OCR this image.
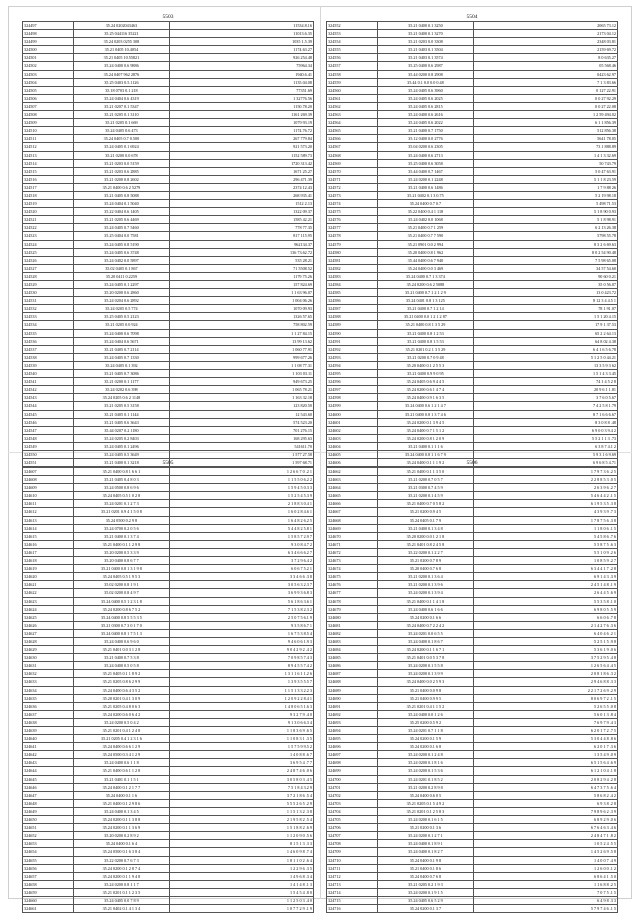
5503
324497	35.24 0202043463	11534.8.16
324498	35.25 044116 35221	11013.6.35
324499	35.24 0203 0255 308	1035 1.5.39
324500	35.21 0405 10.4054	1174.63.27
324501	35.21 0405 10.55821	926 254.48
324502	35.24 0400 0.6 9886	75964.34
324503	35.24 0407 962 2876	1940.6.41
324504	35.25 0403 0.5.1126	1135.04.08
324505	35.18 0703 0.1 218	77351.69
324506	35.24 0404 0.6 4319	1 32776.56
324507	35.21 0207 0.1 5347	1150.78.20
324508	35.21 0205 0.1 3110	1161 269.39
324509	35.21 0205 0.1 669	1079 93.19
324510	35.24 0405 0.6 473	1174.76.72
324511	35.24 0405 0.7 0.500	267 779.84
324512	35.24 0405 0.1 6924	921 573.20
324513	35.21 0200 0.0 678	1152 589.73
324514	35.21 0203 0.0 5159	1720 313.42
324515	35.21 0203 0.6 2885	1671 25.27
324516	35.21 0200 0.8 2602	296 471.39
324517	35.21 0400 0.6 2 5279	2374 12.43
324518	35.21 0405 0.8 5088	268 935.41
324519	35.24 0404 0.1 5040	1512 2.13
324520	35.22 0404 0.6 1405	1322 09.37
324521	35.21 0205 0.6 4469	1585 42.21
324522	35.24 0405 0.7 5460	778 77.35
324523	35.25 0404 0.0 7581	817 115.95
324524	35.24 0405 0.8 5190	962134.37
324525	35.24 0405 0.6 3748	136 73.62.72
324526	35.24 0402 0.0 5897	535 28.21
324527	35.02 0405 0.1 867	71 5508.52
324528	35.20 0411 0.2259	1179 75.26
324529	35.24 0405 0.1 2297	157 824.69
324530	35.20 0200 0.6 2860	1 1 63 96.07
324531	35.24 0204 0.6 2892	1 004 06.26
324532	35.24 0205 0.5 774	1070 09.93
324533	35.25 0405 0.5 2123	1326 57.65
324534	35.21 0205 0.0 924	758 802.59
324535	35.24 0400 0.6 7098	1 1 27 84.15
324536	35.24 0404 0.6 5671	13 99 13.62
324537	35.21 0405 0.7 2114	1 060 77.91
324538	35.24 0405 0.7 1330	999 677.26
324539	35.24 0405 0.1 392	1 1 08 77.31
324540	35.21 0405 0.7 3086	1 103 03.11
324541	35.21 0200 0.1 1177	949 673.25
324542	35.24 0202 0.6 398	1 065 78.21
324543	35.24 0205 0.6 2 1148	1 163 32.18
324544	35.21 0205 0.5 3158	123 820.50
324545	35.21 0405 0.1 1144	12 543.60
324546	35.21 0405 0.6 3643	574 523.20
324547	35.44 0207 0.2 1180	701 276.15
324548	35.24 0205 0.2 8403	168 295.63
324549	35.24 0405 0.1 2496	541611.70
324550	35.24 0405 0.5 3649	1 577 27.58
324551	35.21 0400 0.1 3218	1 597 68.71
5504
324552	35.21 0400 0.1 3250	2065 73.12
324553	35.21 0400 0.1 3270	2173 04.12
324554	35.21 0203 0.0 3308	2348 03.81
324555	35.21 0403 0.1 3504	2159 69.72
324556	35.21 0403 0.1 3574	8 0 635.27
324557	35.25 0400 0.6 2987	05 568.46
324558	35.44 0200 0.8 2908	0423 62.97
324559	35.44 0.1 0.0 0.0 0.48	7 1 3 83.66
324560	35.24 0405 0.6 3960	0 127 22.91
324561	35.24 0405 0.6 2025	0 0 27 92.29
324562	35.24 0405 0.6 2815	0 0 27 22.08
324563	35.24 0400 0.6 2616	1 2 59 494.02
324564	35.24 0405 0.6 2022	6 1 1 856.39
324565	35.21 0400 0.7 1750	512 856.38
324566	35.12 0400 0.0 2776	5641 78.05
324567	35.04 0200 0.6 2305	73 1 888.89
324568	35.24 0400 0.6 2713	1 4 1 3 32.69
324569	35.25 0400 0.6 3058	50 743.79
324570	35.44 0400 0.7 1467	5 0 47 63.91
324571	35.24 0200 0.1 2248	5 1 1 8 23.59
324572	35.21 0400 0.6 1486	1 7 9 88 26
324573	35.21 0402 0.1 3 0.75	5 2 19 98.18
324574	35.24 0400 0.7 0.7	5 498 71.53
324575	35.22 0400 0.4 1 118	5 1 8 90 0.93
324576	35.24 0402 0.0 1068	5 1 8 98.91
324577	35.21 0400 0.7 1 259	6 2 13 26.38
324578	35.21 0400 0.7 7 590	5798 55.78
324579	35.21 0901 0.0 2 994	8 3 2 6 69.63
324580	35.20 0400 0.8 1 962	8 0 2 54 90.48
324581	35.44 0400 0.6 7 940	7 5 98 65.08
324582	35.24 0400 0.0 3 469	34 57 54.60
324583	35.24 0400 0.7 1 3 374	90 60 0.21
324584	35.24 0200 0.6 2 5088	35 0 56.07
324585	35.21 0400 0.7 1 2 1 2 9	13 0 423.72
324586	35.24 0401 0.8 1 3 125	8 12 3 4 4.5 1
324587	35.21 0400 0.7 1 2 14	78 1 91.07
324588	35.21 0400 0.0 1 2 1 2 87	1 5 1 20 4.15
324589	35.21 0400 0.8 1 3 5 29	17 9 1 37.53
324590	35.21 0400 0.8 1 2 53	65 2 2 64.13
324591	35.21 0400 0.8 1 5 53	64 8 02 4.38
324592	35.21 0201 0.2 1 3 5 29	6 4 1 6 5 6.78
324593	35.21 0200 0.7 0 9 48	5 1 2 5 0 44.21
324594	35.20 0400 0.1 2 5 5 3	13 3 5 9 3 62
324595	35.21 0400 0.9 9 0 95	1 5 1 4 3 3.45
324596	35.24 0405 0.6 9 4 4 5	74 1 4 5 2 8
324597	35.24 0200 0.6 1 4 7 4	20 9 6 1 1.81
324598	35.24 0400 0.9 1 6 3 5	3 7 6 0 5.67
324599	35.24 0400 0.6 1 2 1 4 7	7 4 2 5 8 1.79
324600	35.21 0400 0.8 1 3 7 4 6	8 7 1 6 6 6.67
324601	35.24 0200 0.1 3 9 4 5	8 3 0 8 8 .48
324602	35.24 0400 0.7 1 5 1 2	6 9 0 0 3 9.4 2
324603	35.24 0200 0.8 1 2 0 9	5 5 2 1 1 3 .73
324604	35.21 0400 0.1 1 1 6	6 3 8 7 4.1 2
324605	35.24 0400 0.8 1 1 6 7 9	5 9 3 1 6 9.69
324606	35.24 0400 0.1 1 1 9 2	6 9 6 8 5 4.71
5505
324607	35.21 0400 0.8 1 6 6 1	1 2 6 6 7 0 .2 1
324608	35.21 0405 0.4 8 0 3	1 1 5 5 0 6.2 2
324609	35.24 0500 0.8 6 9 6	1 5 9 4 5 0.3 3
324610	35.24 0405 0.5 1 0 2 8	1 5 2 5 4 5.3 9
324611	35.24 0201 0.1 2 7 3	2 1 8 8 3 0.4 1
324612	35.21 0201 0.9 4 1 5 0 8	1 6 0 2 8 4.6 1
324613	35.24 0500 0.2 9 8	1 6 4 8 2 6.2 5
324614	35.24 0700 0.2 0 5 6	5 4 4 8 2 5.8 1
324615	35.21 0400 0.1 3 7 4	1 5 8 5 7 2.9 7
324616	35.21 0400 0.1 1 2 9 8	9 3 0 8 4.7 2
324617	35.20 0200 0.5 3 3 9	6 3 4 6 6 6.2 7
324618	35.20 0400 0.8 6 7 7	3 7 2 9 6.4 2
324619	35.21 0400 0.8 1 3 1 9 8	6 0 6 7 5.2 1
324620	35.24 0405 0.5 1 9 5 3	3 3 4 6 6 .3 8
324621	35.02 0200 0.8 1 9 1	3 0 5 6 3 2.3 7
324622	35.02 0200 0.8 4 9 7	3 6 9 9 3 6.8 3
324623	35.24 0400 0.5 1 2 3 1 8	5 6 1 8 6 3.6 1
324624	35.24 0200 0.8 6 7 5 2	7 1 5 3 8 2.3 2
324625	35.24 0400 0.8 5 5 5 3 5	2 5 0 7 5 6.1 9
324626	35.21 0300 0.7 3 0 1 7 0	9 3 5 8 6.7 1
324627	35.24 0400 0.8 1 7 5 1 3	1 6 7 5 3 8.5 4
324628	35.24 0400 0.6 9 6 0	9 4 6 0 6 1.9 3
324629	35.21 0401 0.0 3 1 2 8	9 0 4 2 9 2 .4 2
324630	35.21 0400 0.7 5 3 8	7 0 9 8 5 7.4 3
324631	35.24 0400 0.5 0 5 8	8 9 4 5 5 7.4 2
324632	35.21 0405 0.1 1 8 9 2	1 3 1 1 6 1 1.2 6
324633	35.21 0205 0.8 6 2 9 9	1 3 9 3 5 5.5 7
324634	35.24 0400 0.6 4 3 5 2	1 1 5 1 3 3 2.2 3
324635	35.20 0201 0.4 1 3 0 9	1 2 0 9 2 2 8.4 1
324636	35.21 0205 0.4 8 0 6 3	1 4 8 0 6 5 1.6 3
324637	35.24 0200 0.6 0 6 4 2	9 3 2 7 9 .4 0
324638	35.24 0200 0.5 0 4 2	9 1 3 0 6 6.3 4
324639	35.21 0201 0.4 1 2 4 8	1 1 8 3 6 9 .6 5
324640	35.21 0205 0.4 1 2 3 1 6	1 1 0 8 3 1 .3 5
324641	35.24 0400 0.6 6 1 2 9	1 5 7 5 9 9.5 2
324642	35.24 0500 0.3 4 1 2 9	1 4 0 8 8 .6 7
324643	35.24 0400 0.6 1 1 8	3 6 9 5 4 .7 7
324644	35.21 0400 0.6 1 1 2 8	2 4 8 7 4 6 .0 6
324645	35.21 0401 0.1 1 5 1	3 0 5 8 0 3 .4 5
324646	35.24 0400 0.1 2 1 7 7	7 5 1 8 4 3.2 9
324647	35.24 0400 0.1 1 6	3 7 2 1 8 6 .5 4
324648	35.21 0400 0.1 2 9 8 6	5 5 5 2 6 5 .2 9
324649	35.24 0400 0.1 3 4 5	1 1 5 1 3 2 .3 8
324650	35.24 0200 0.1 1 3 8 8	2 1 9 5 8 2 .5 4
324651	35.24 0200 0.1 1 3 6 9	1 5 1 8 8 2 .6 9
324652	35.20 0200 0.2 8 9 2	1 1 2 0 9 0 .5 6
324653	35.24 0400 0.1 6 4	8 1 5 1 3 .3 3
324654	35.24 0500 0.1 6 3 8 4	1 4 6 0 9 8 .7 4
324655	35.22 0200 0.7 6 7 3	1 8 1 1 0 2 .6 4
324656	35.24 0200 0.1 2 8 7 4	1 2 2 9 6 .3 5
324657	35.24 0200 0.1 1 9 4 8	1 4 9 6 8 .3 4
324658	35.24 0200 0.8 1 1 7	1 4 1 4 8 .1 3
324659	35.21 0201 0.1 1 2 3 5	1 5 4 5 4 .8 0
324660	35.24 0405 0.0 7 8 9	1 1 2 5 0 3 .4 0
324661	35.21 0402 0.1 4 1 3 4	1 0 7 7 2 9 .1 9
5506
324662	35.21 0400 0.1 1 3 5 0	1 7 9 7 3 6 .2 5
324663	35.21 0200 0.7 0 5 7	2 2 8 8 5 3 .0 5
324664	35.21 0300 0.7 4 5 9	2 6 3 9 6 .2 7
324665	35.21 0200 0.1 4 5 9	5 4 6 4 4 2 .1 5
324666	35.21 0400 0.7 0 5 8 2	6 1 9 5 3 5 .3 8
324667	35.21 0200 0.9 4 5	4 3 9 3 9 .7 3
324668	35.24 0405 0.1 7 9	1 7 8 7 5 6 .3 8
324669	35.21 0400 0.1 3 4 8	1 1 8 0 6 .1 5
324670	35.20 0200 0.0 1 2 1 8	5 4 5 8 6 .7 6
324671	35.21 0401 0.8 2 4 5 8	5 5 8 7 5 .6 3
324672	35.22 0200 0.1 2 2 7	5 5 1 0 9 .2 6
324673	35.21 0200 0.7 8 9	1 0 8 5 9 .2 7
324674	35.20 0400 0.7 6 8	6 3 4 4 1 7 .2 8
324675	35.21 0200 0.1 3 6 4	6 9 1 4 3 .3 9
324676	35.21 0200 0.1 3 9 6	2 4 5 1 4 8 .1 9
324677	35.24 0200 0.1 3 9 4	2 6 4 4 5 .6 9
324678	35.21 0400 0.1 1 4 1 8	5 5 3 5 8 .1 0
324679	35.24 0400 0.6 1 6 6	6 9 8 0 5 .5 9
324680	35.24 0200 0.1 6 6	6 6 0 6 .7 8
324681	35.24 0400 0.7 2 2 4 2	2 1 4 2 7 6 .3 6
324682	35.24 0201 0.0 6 5 5	6 4 0 4 6 .2 1
324683	35.24 0400 0.1 8 6 7	5 2 5 1 5 .9 8
324684	35.24 0200 0.1 1 6 7 1	5 3 6 1 9 .0 6
324685	35.21 0401 0.0 5 3 7 8	3 7 5 2 9 5 .4 8
324686	35.24 0200 0.1 5 5 8	1 2 6 5 6 4 .4 5
324687	35.24 0200 0.1 3 9 9	2 0 8 1 8 6 .3 2
324688	35.24 0400 0.0 2 5 9 3	2 9 4 6 8 8 .3 3
324689	35.21 0400 0.0 9 8	2 2 1 7 2 6 9 .2 9
324690	35.21 0400 0.9 9 5	8 0 6 9 7 2 .1 5
324691	35.21 0201 0.4 1 1 5 2	5 2 6 5 5 .0 8
324692	35.24 0400 0.0 1 2 6	5 6 0 1 3 .8 4
324693	35.25 0200 0.5 9 2	7 6 9 7 9 .4 3
324694	35.24 0201 0.7 1 1 8	6 2 0 1 7 2 .7 5
324695	35.24 0200 0.1 5 9	5 3 0 4 4 8 .8 6
324696	35.24 0200 0.1 6 8	6 2 0 1 7 .3 6
324697	35.24 0200 0.1 2 4 8	1 3 5 4 9 .0 9
324698	35.24 0200 0.1 8 1 6	6 5 1 5 6 4 .6 9
324699	35.24 0200 0.1 5 3 6	6 1 2 1 0 4 .1 8
324700	35.24 0201 0.1 8 5 2	2 0 8 2 9 4 .2 8
324701	35.21 0200 0.2 8 9 8	6 4 7 3 7 5 .6 4
324702	35.24 0400 0.6 0 5	5 8 6 8 2 .4 2
324703	35.21 0205 0.1 5 4 9 2	6 9 3 8 .2 8
324704	35.21 0201 0.1 2 5 8 3	7 9 8 9 6 2 .3 9
324705	35.24 0200 0.1 6 1 5	6 8 9 2 9 .0 6
324706	35.21 0200 0.1 3 6	6 7 6 4 6 3 .4 6
324707	35.24 0200 0.1 2 7 1	2 4 8 4 7 1 .8 2
324708	35.24 0400 0.1 8 9 1	1 0 5 2 4 .5 5
324709	35.24 0400 0.1 8 2 7	1 4 5 2 6 9 .5 8
324710	35.24 0400 0.1 9 8	1 4 0 0 7 .4 9
324711	35.21 0400 0.1 8 6	1 2 6 0 0 .1 2
324712	35.24 0400 0.7 6 8	6 8 6 4 1 .5 0
324713	35.21 0205 0.2 1 9 3	1 1 6 8 8 .2 5
324714	35.24 0200 0.1 9 1 5	7 0 7 5 .1 5
324715	35.24 0405 0.6 5 2 9	6 4 9 8 .3 3
324716	35.24 0200 0.1 3 7	5 7 9 7 4 6 .1 5
